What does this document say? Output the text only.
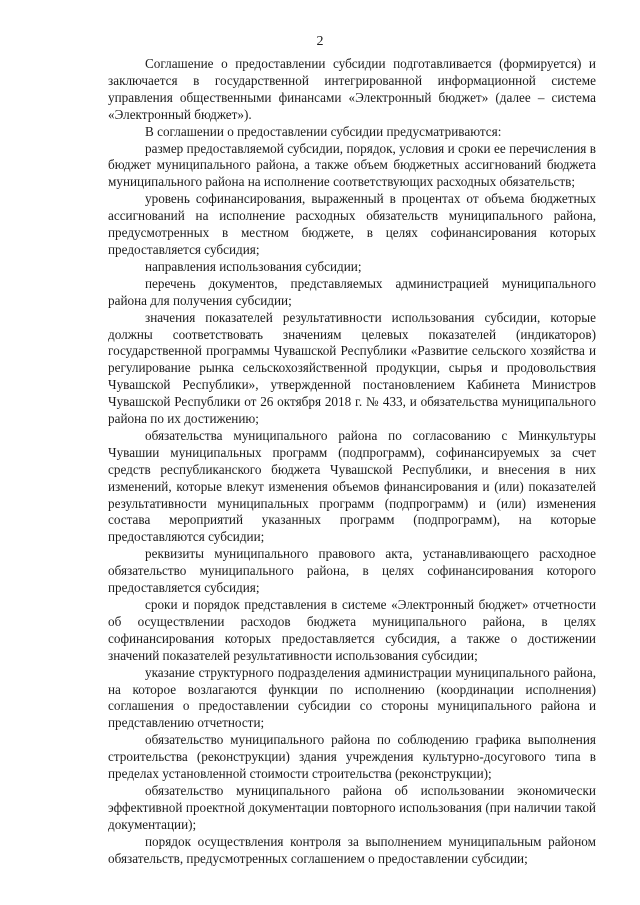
2

Соглашение о предоставлении субсидии подготавливается (формируется) и заключается в государственной интегрированной информационной системе управления общественными финансами «Электронный бюджет» (далее – система «Электронный бюджет»).

В соглашении о предоставлении субсидии предусматриваются:

размер предоставляемой субсидии, порядок, условия и сроки ее перечисления в бюджет муниципального района, а также объем бюджетных ассигнований бюджета муниципального района на исполнение соответствующих расходных обязательств;

уровень софинансирования, выраженный в процентах от объема бюджетных ассигнований на исполнение расходных обязательств муниципального района, предусмотренных в местном бюджете, в целях софинансирования которых предоставляется субсидия;

направления использования субсидии;

перечень документов, представляемых администрацией муниципального района для получения субсидии;

значения показателей результативности использования субсидии, которые должны соответствовать значениям целевых показателей (индикаторов) государственной программы Чувашской Республики «Развитие сельского хозяйства и регулирование рынка сельскохозяйственной продукции, сырья и продовольствия Чувашской Республики», утвержденной постановлением Кабинета Министров Чувашской Республики от 26 октября 2018 г. № 433, и обязательства муниципального района по их достижению;

обязательства муниципального района по согласованию с Минкультуры Чувашии муниципальных программ (подпрограмм), софинансируемых за счет средств республиканского бюджета Чувашской Республики, и внесения в них изменений, которые влекут изменения объемов финансирования и (или) показателей результативности муниципальных программ (подпрограмм) и (или) изменения состава мероприятий указанных программ (подпрограмм), на которые предоставляются субсидии;

реквизиты муниципального правового акта, устанавливающего расходное обязательство муниципального района, в целях софинансирования которого предоставляется субсидия;

сроки и порядок представления в системе «Электронный бюджет» отчетности об осуществлении расходов бюджета муниципального района, в целях софинансирования которых предоставляется субсидия, а также о достижении значений показателей результативности использования субсидии;

указание структурного подразделения администрации муниципального района, на которое возлагаются функции по исполнению (координации исполнения) соглашения о предоставлении субсидии со стороны муниципального района и представлению отчетности;

обязательство муниципального района по соблюдению графика выполнения строительства (реконструкции) здания учреждения культурно-досугового типа в пределах установленной стоимости строительства (реконструкции);

обязательство муниципального района об использовании экономически эффективной проектной документации повторного использования (при наличии такой документации);

порядок осуществления контроля за выполнением муниципальным районом обязательств, предусмотренных соглашением о предоставлении субсидии;
